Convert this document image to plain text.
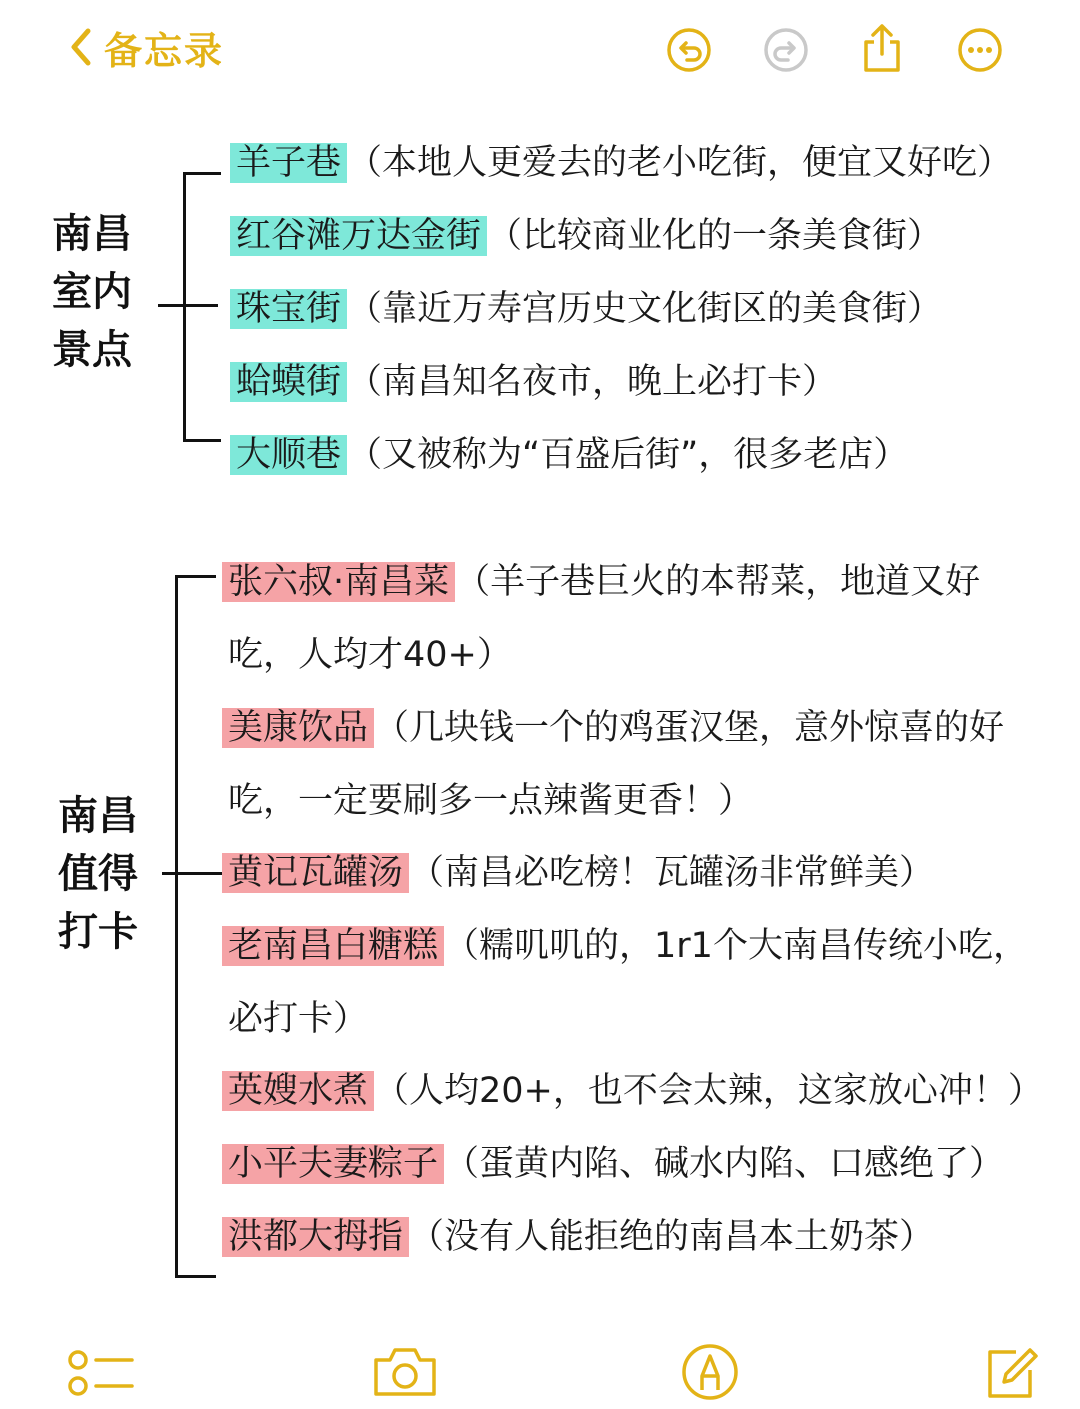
备忘录
南昌
室内
景点
羊子巷 （本地人更爱去的老小吃街，便宜又好吃）
红谷滩万达金街 （比较商业化的一条美食街）
珠宝街 （靠近万寿宫历史文化街区的美食街）
蛤蟆街 （南昌知名夜市，晚上必打卡）
大顺巷 （又被称为“百盛后街”，很多老店）
南昌
值得
打卡
张六叔·南昌菜 （羊子巷巨火的本帮菜，地道又好
吃，人均才40+）
美康饮品 （几块钱一个的鸡蛋汉堡，意外惊喜的好
吃，一定要刷多一点辣酱更香！）
黄记瓦罐汤 （南昌必吃榜！瓦罐汤非常鲜美）
老南昌白糖糕 （糯叽叽的，1r1个大南昌传统小吃，
必打卡）
英嫂水煮 （人均20+，也不会太辣，这家放心冲！）
小平夫妻粽子 （蛋黄内陷、碱水内陷、口感绝了）
洪都大拇指 （没有人能拒绝的南昌本土奶茶）
